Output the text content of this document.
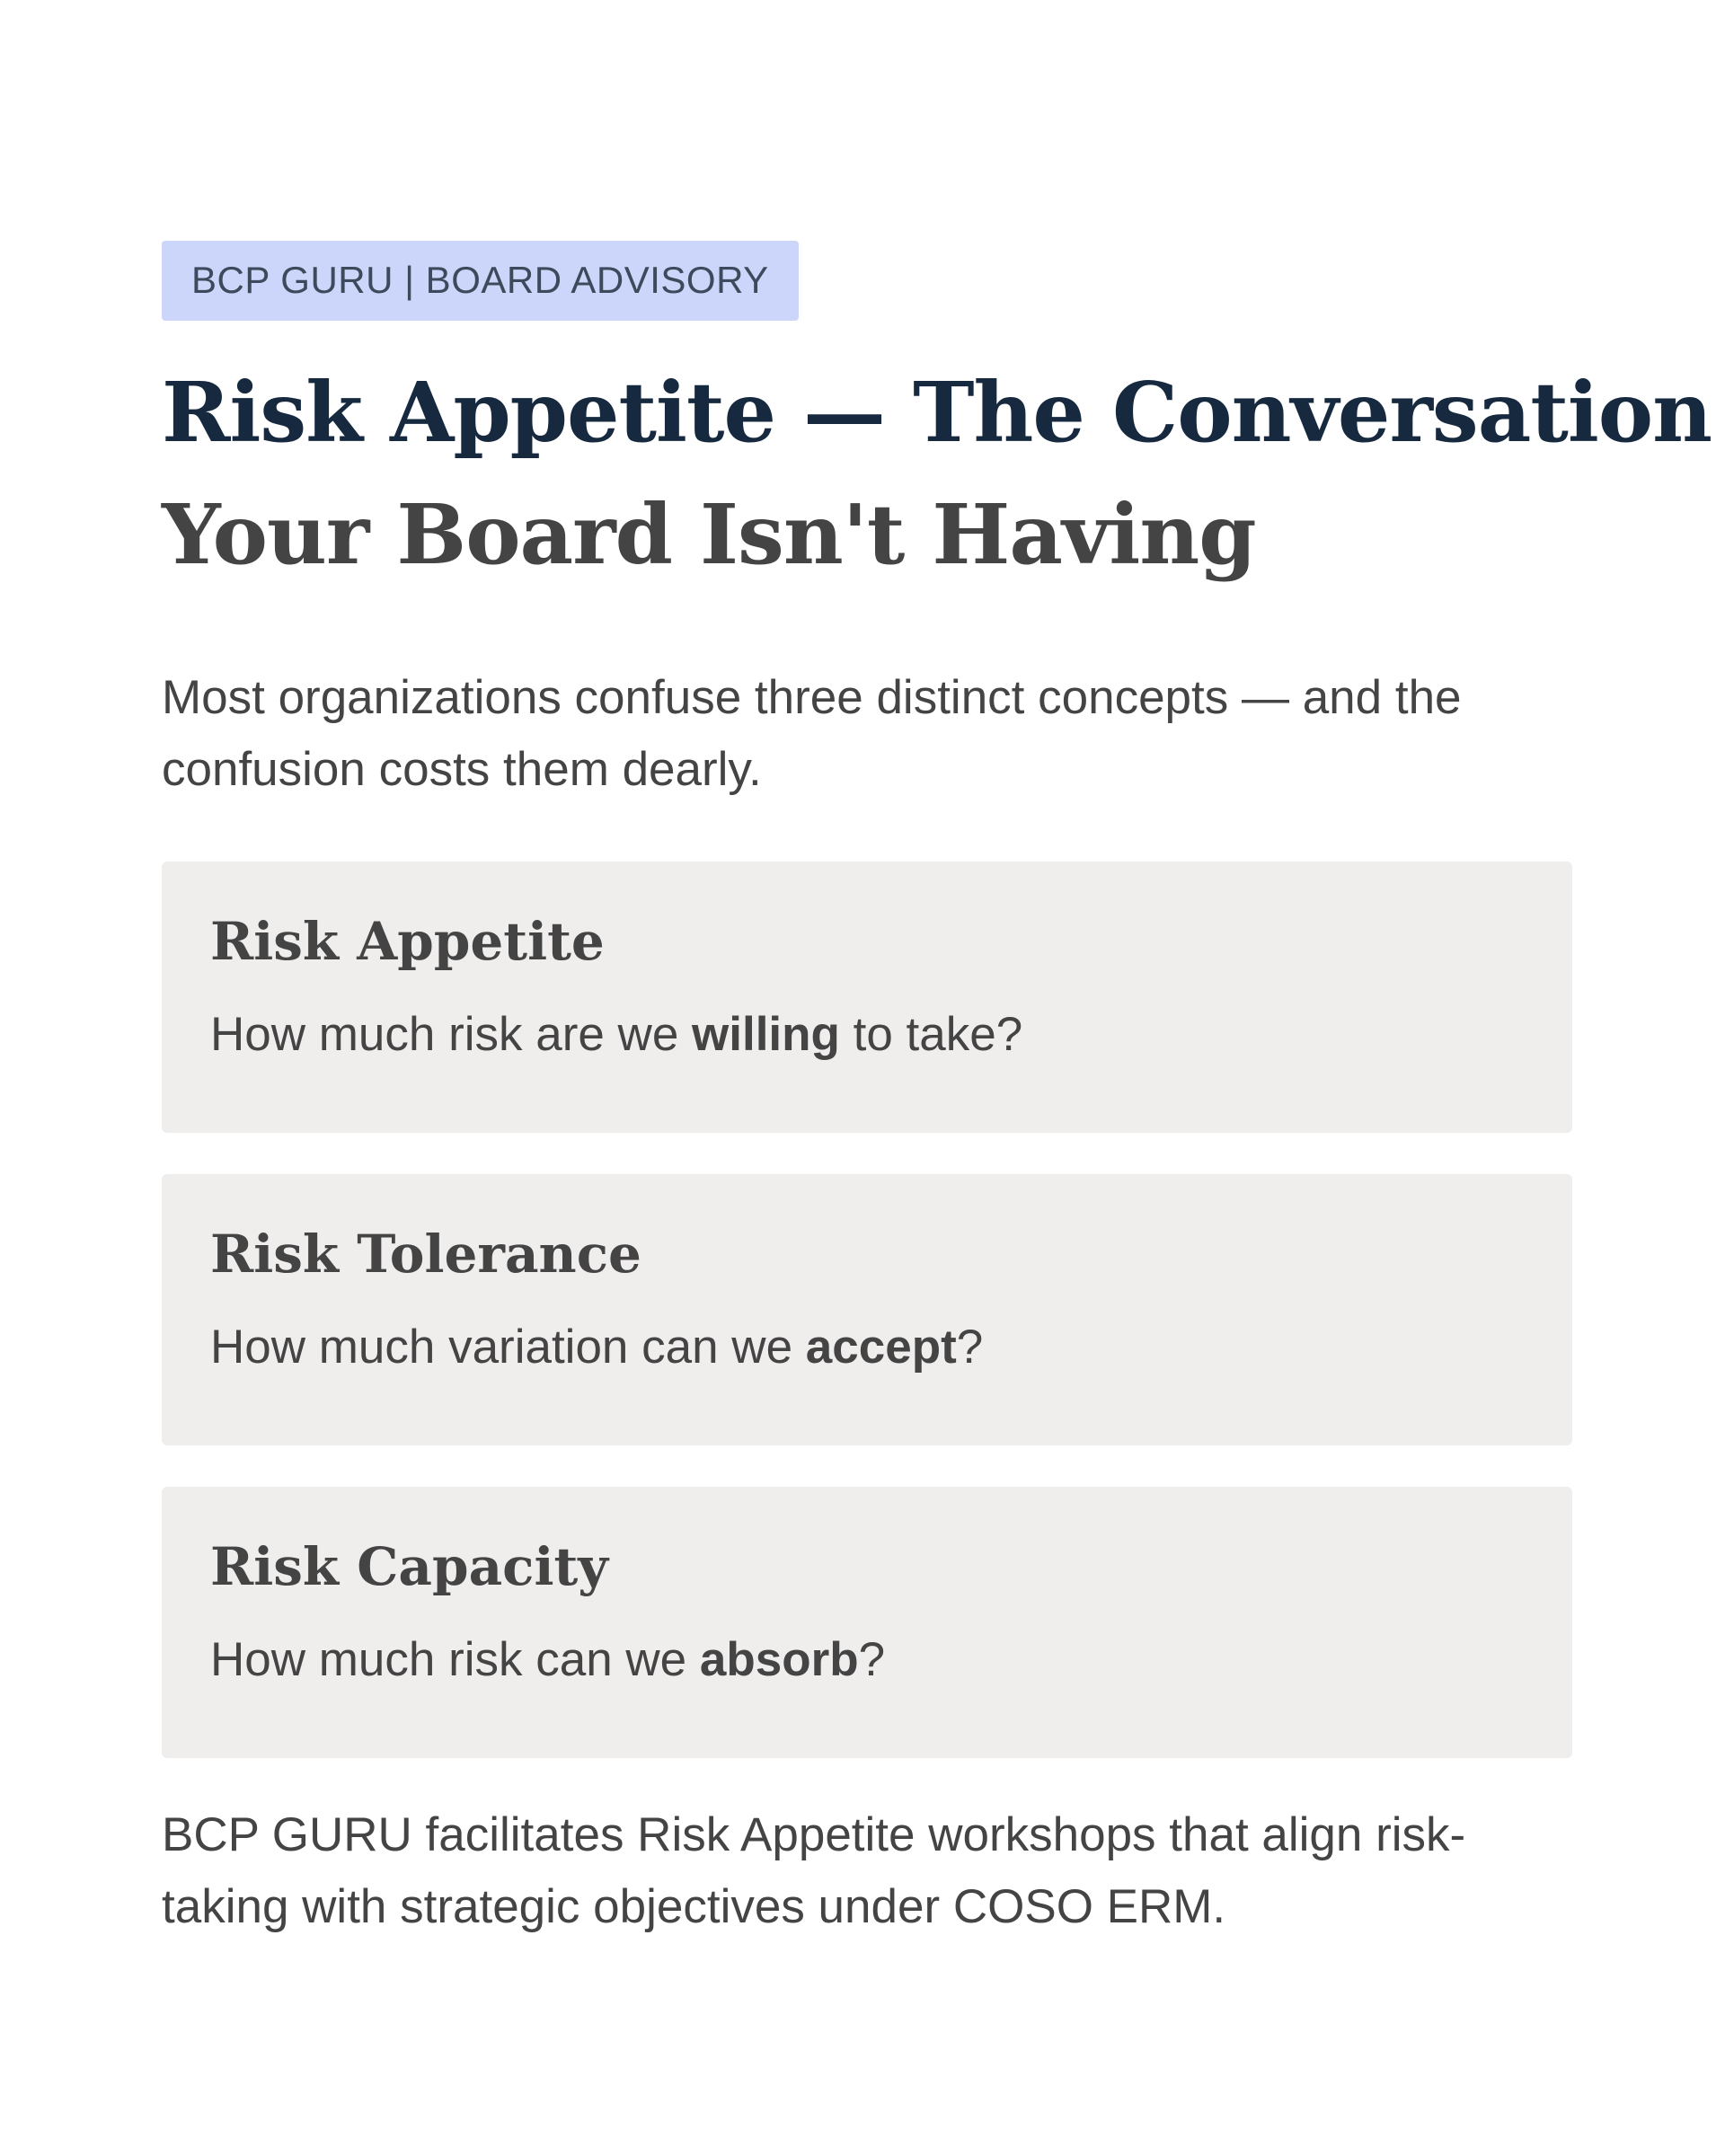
BCP GURU | BOARD ADVISORY
Risk Appetite — The Conversation
Your Board Isn't Having

Most organizations confuse three distinct concepts — and the confusion costs them dearly.

Risk Appetite
How much risk are we willing to take?
Risk Tolerance
How much variation can we accept?
Risk Capacity
How much risk can we absorb?

BCP GURU facilitates Risk Appetite workshops that align risk-taking with strategic objectives under COSO ERM.
